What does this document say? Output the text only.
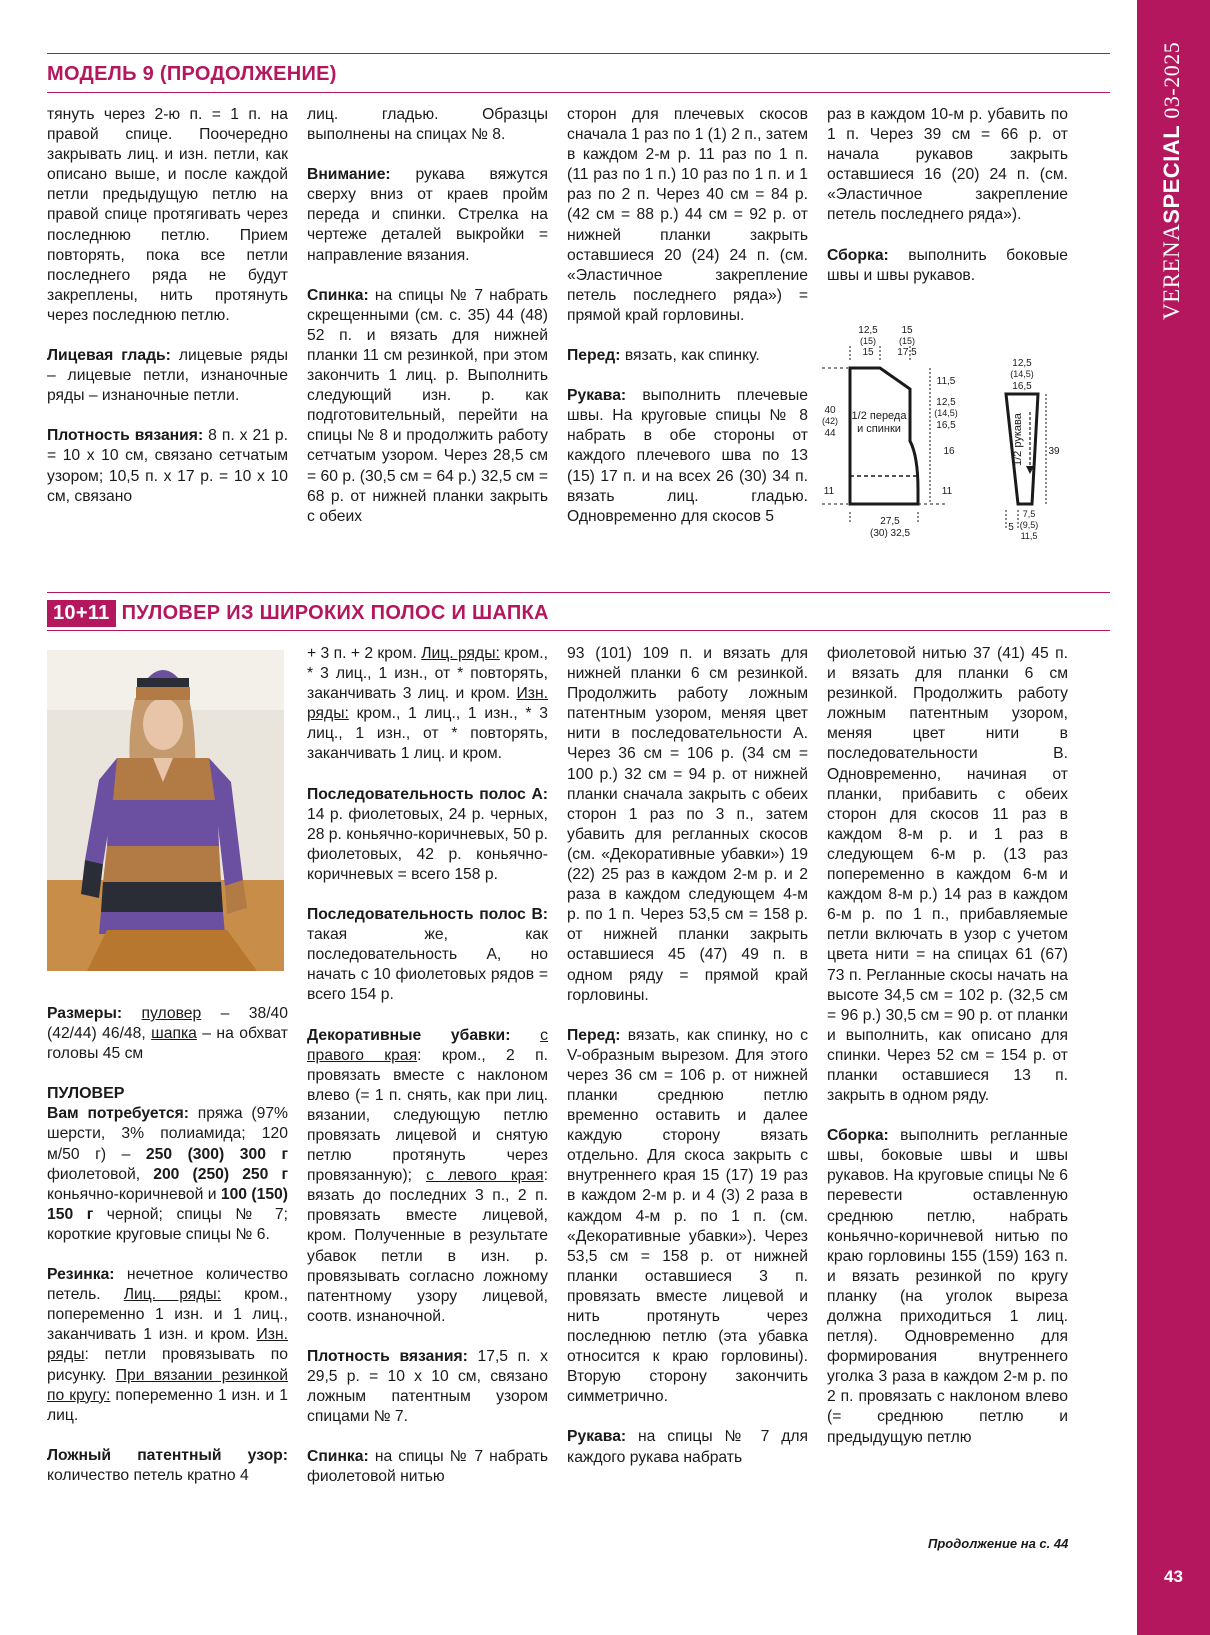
VERENASPECIAL 03-2025
43
МОДЕЛЬ 9 (ПРОДОЛЖЕНИЕ)

тянуть через 2-ю п. = 1 п. на правой спице. Поочередно закрывать лиц. и изн. петли, как описано выше, и после каждой петли предыдущую петлю на правой спице протягивать через последнюю петлю. Прием повторять, пока все петли последнего ряда не будут закреплены, нить протянуть через последнюю петлю.

Лицевая гладь: лицевые ряды – лицевые петли, изнаночные ряды – изнаночные петли.

Плотность вязания: 8 п. х 21 р. = 10 х 10 см, связано сетчатым узором; 10,5 п. х 17 р. = 10 х 10 см, связано

лиц. гладью. Образцы выполнены на спицах № 8.

Внимание: рукава вяжутся сверху вниз от краев пройм переда и спинки. Стрелка на чертеже деталей выкройки = направление вязания.

Спинка: на спицы № 7 набрать скрещенными (см. с. 35) 44 (48) 52 п. и вязать для нижней планки 11 см резинкой, при этом закончить 1 лиц. р. Выполнить следующий изн. р. как подготовительный, перейти на спицы № 8 и продолжить работу сетчатым узором. Через 28,5 см = 60 р. (30,5 см = 64 р.) 32,5 см = 68 р. от нижней планки закрыть с обеих

сторон для плечевых скосов сначала 1 раз по 1 (1) 2 п., затем в каждом 2-м р. 11 раз по 1 п. (11 раз по 1 п.) 10 раз по 1 п. и 1 раз по 2 п. Через 40 см = 84 р. (42 см = 88 р.) 44 см = 92 р. от нижней планки закрыть оставшиеся 20 (24) 24 п. (см. «Эластичное закрепление петель последнего ряда») = прямой край горловины.

Перед: вязать, как спинку.

Рукава: выполнить плечевые швы. На круговые спицы № 8 набрать в обе стороны от каждого плечевого шва по 13 (15) 17 п. и на всех 26 (30) 34 п. вязать лиц. гладью. Одновременно для скосов 5

раз в каждом 10-м р. убавить по 1 п. Через 39 см = 66 р. от начала рукавов закрыть оставшиеся 16 (20) 24 п. (см. «Эластичное закрепление петель последнего ряда»).

Сборка: выполнить боковые швы и швы рукавов.

1/2 переда
и спинки
12,5
(15)
15
15
(15)
17,5
40
(42)
44
11,5
12,5
(14,5)
16,5
16
11
11
27,5
(30) 32,5
1/2 рукава
12,5
(14,5)
16,5
39
5
7,5
(9,5)
11,5
10+11 ПУЛОВЕР ИЗ ШИРОКИХ ПОЛОС И ШАПКА

Размеры: пуловер – 38/40 (42/44) 46/48, шапка – на обхват головы 45 см

ПУЛОВЕР

Вам потребуется: пряжа (97% шерсти, 3% полиамида; 120 м/50 г) – 250 (300) 300 г фиолетовой, 200 (250) 250 г коньячно-коричневой и 100 (150) 150 г черной; спицы № 7; короткие круговые спицы № 6.

Резинка: нечетное количество петель. Лиц. ряды: кром., попеременно 1 изн. и 1 лиц., заканчивать 1 изн. и кром. Изн. ряды: петли провязывать по рисунку. При вязании резинкой по кругу: попеременно 1 изн. и 1 лиц.

Ложный патентный узор: количество петель кратно 4

+ 3 п. + 2 кром. Лиц. ряды: кром., * 3 лиц., 1 изн., от * повторять, заканчивать 3 лиц. и кром. Изн. ряды: кром., 1 лиц., 1 изн., * 3 лиц., 1 изн., от * повторять, заканчивать 1 лиц. и кром.

Последовательность полос А: 14 р. фиолетовых, 24 р. черных, 28 р. коньячно-коричневых, 50 р. фиолетовых, 42 р. коньячно-коричневых = всего 158 р.

Последовательность полос В: такая же, как последовательность А, но начать с 10 фиолетовых рядов = всего 154 р.

Декоративные убавки: с правого края: кром., 2 п. провязать вместе с наклоном влево (= 1 п. снять, как при лиц. вязании, следующую петлю провязать лицевой и снятую петлю протянуть через провязанную); с левого края: вязать до последних 3 п., 2 п. провязать вместе лицевой, кром. Полученные в результате убавок петли в изн. р. провязывать согласно ложному патентному узору лицевой, соотв. изнаночной.

Плотность вязания: 17,5 п. х 29,5 р. = 10 х 10 см, связано ложным патентным узором спицами № 7.

Спинка: на спицы № 7 набрать фиолетовой нитью

93 (101) 109 п. и вязать для нижней планки 6 см резинкой. Продолжить работу ложным патентным узором, меняя цвет нити в последовательности А. Через 36 см = 106 р. (34 см = 100 р.) 32 см = 94 р. от нижней планки сначала закрыть с обеих сторон 1 раз по 3 п., затем убавить для регланных скосов (см. «Декоративные убавки») 19 (22) 25 раз в каждом 2-м р. и 2 раза в каждом следующем 4-м р. по 1 п. Через 53,5 см = 158 р. от нижней планки закрыть оставшиеся 45 (47) 49 п. в одном ряду = прямой край горловины.

Перед: вязать, как спинку, но с V-образным вырезом. Для этого через 36 см = 106 р. от нижней планки среднюю петлю временно оставить и далее каждую сторону вязать отдельно. Для скоса закрыть с внутреннего края 15 (17) 19 раз в каждом 2-м р. и 4 (3) 2 раза в каждом 4-м р. по 1 п. (см. «Декоративные убавки»). Через 53,5 см = 158 р. от нижней планки оставшиеся 3 п. провязать вместе лицевой и нить протянуть через последнюю петлю (эта убавка относится к краю горловины). Вторую сторону закончить симметрично.

Рукава: на спицы № 7 для каждого рукава набрать

фиолетовой нитью 37 (41) 45 п. и вязать для планки 6 см резинкой. Продолжить работу ложным патентным узором, меняя цвет нити в последовательности В. Одновременно, начиная от планки, прибавить с обеих сторон для скосов 11 раз в каждом 8-м р. и 1 раз в следующем 6-м р. (13 раз попеременно в каждом 6-м и каждом 8-м р.) 14 раз в каждом 6-м р. по 1 п., прибавляемые петли включать в узор с учетом цвета нити = на спицах 61 (67) 73 п. Регланные скосы начать на высоте 34,5 см = 102 р. (32,5 см = 96 р.) 30,5 см = 90 р. от планки и выполнить, как описано для спинки. Через 52 см = 154 р. от планки оставшиеся 13 п. закрыть в одном ряду.

Сборка: выполнить регланные швы, боковые швы и швы рукавов. На круговые спицы № 6 перевести оставленную среднюю петлю, набрать коньячно-коричневой нитью по краю горловины 155 (159) 163 п. и вязать резинкой по кругу планку (на уголок выреза должна приходиться 1 лиц. петля). Одновременно для формирования внутреннего уголка 3 раза в каждом 2-м р. по 2 п. провязать с наклоном влево (= среднюю петлю и предыдущую петлю

Продолжение на с. 44
